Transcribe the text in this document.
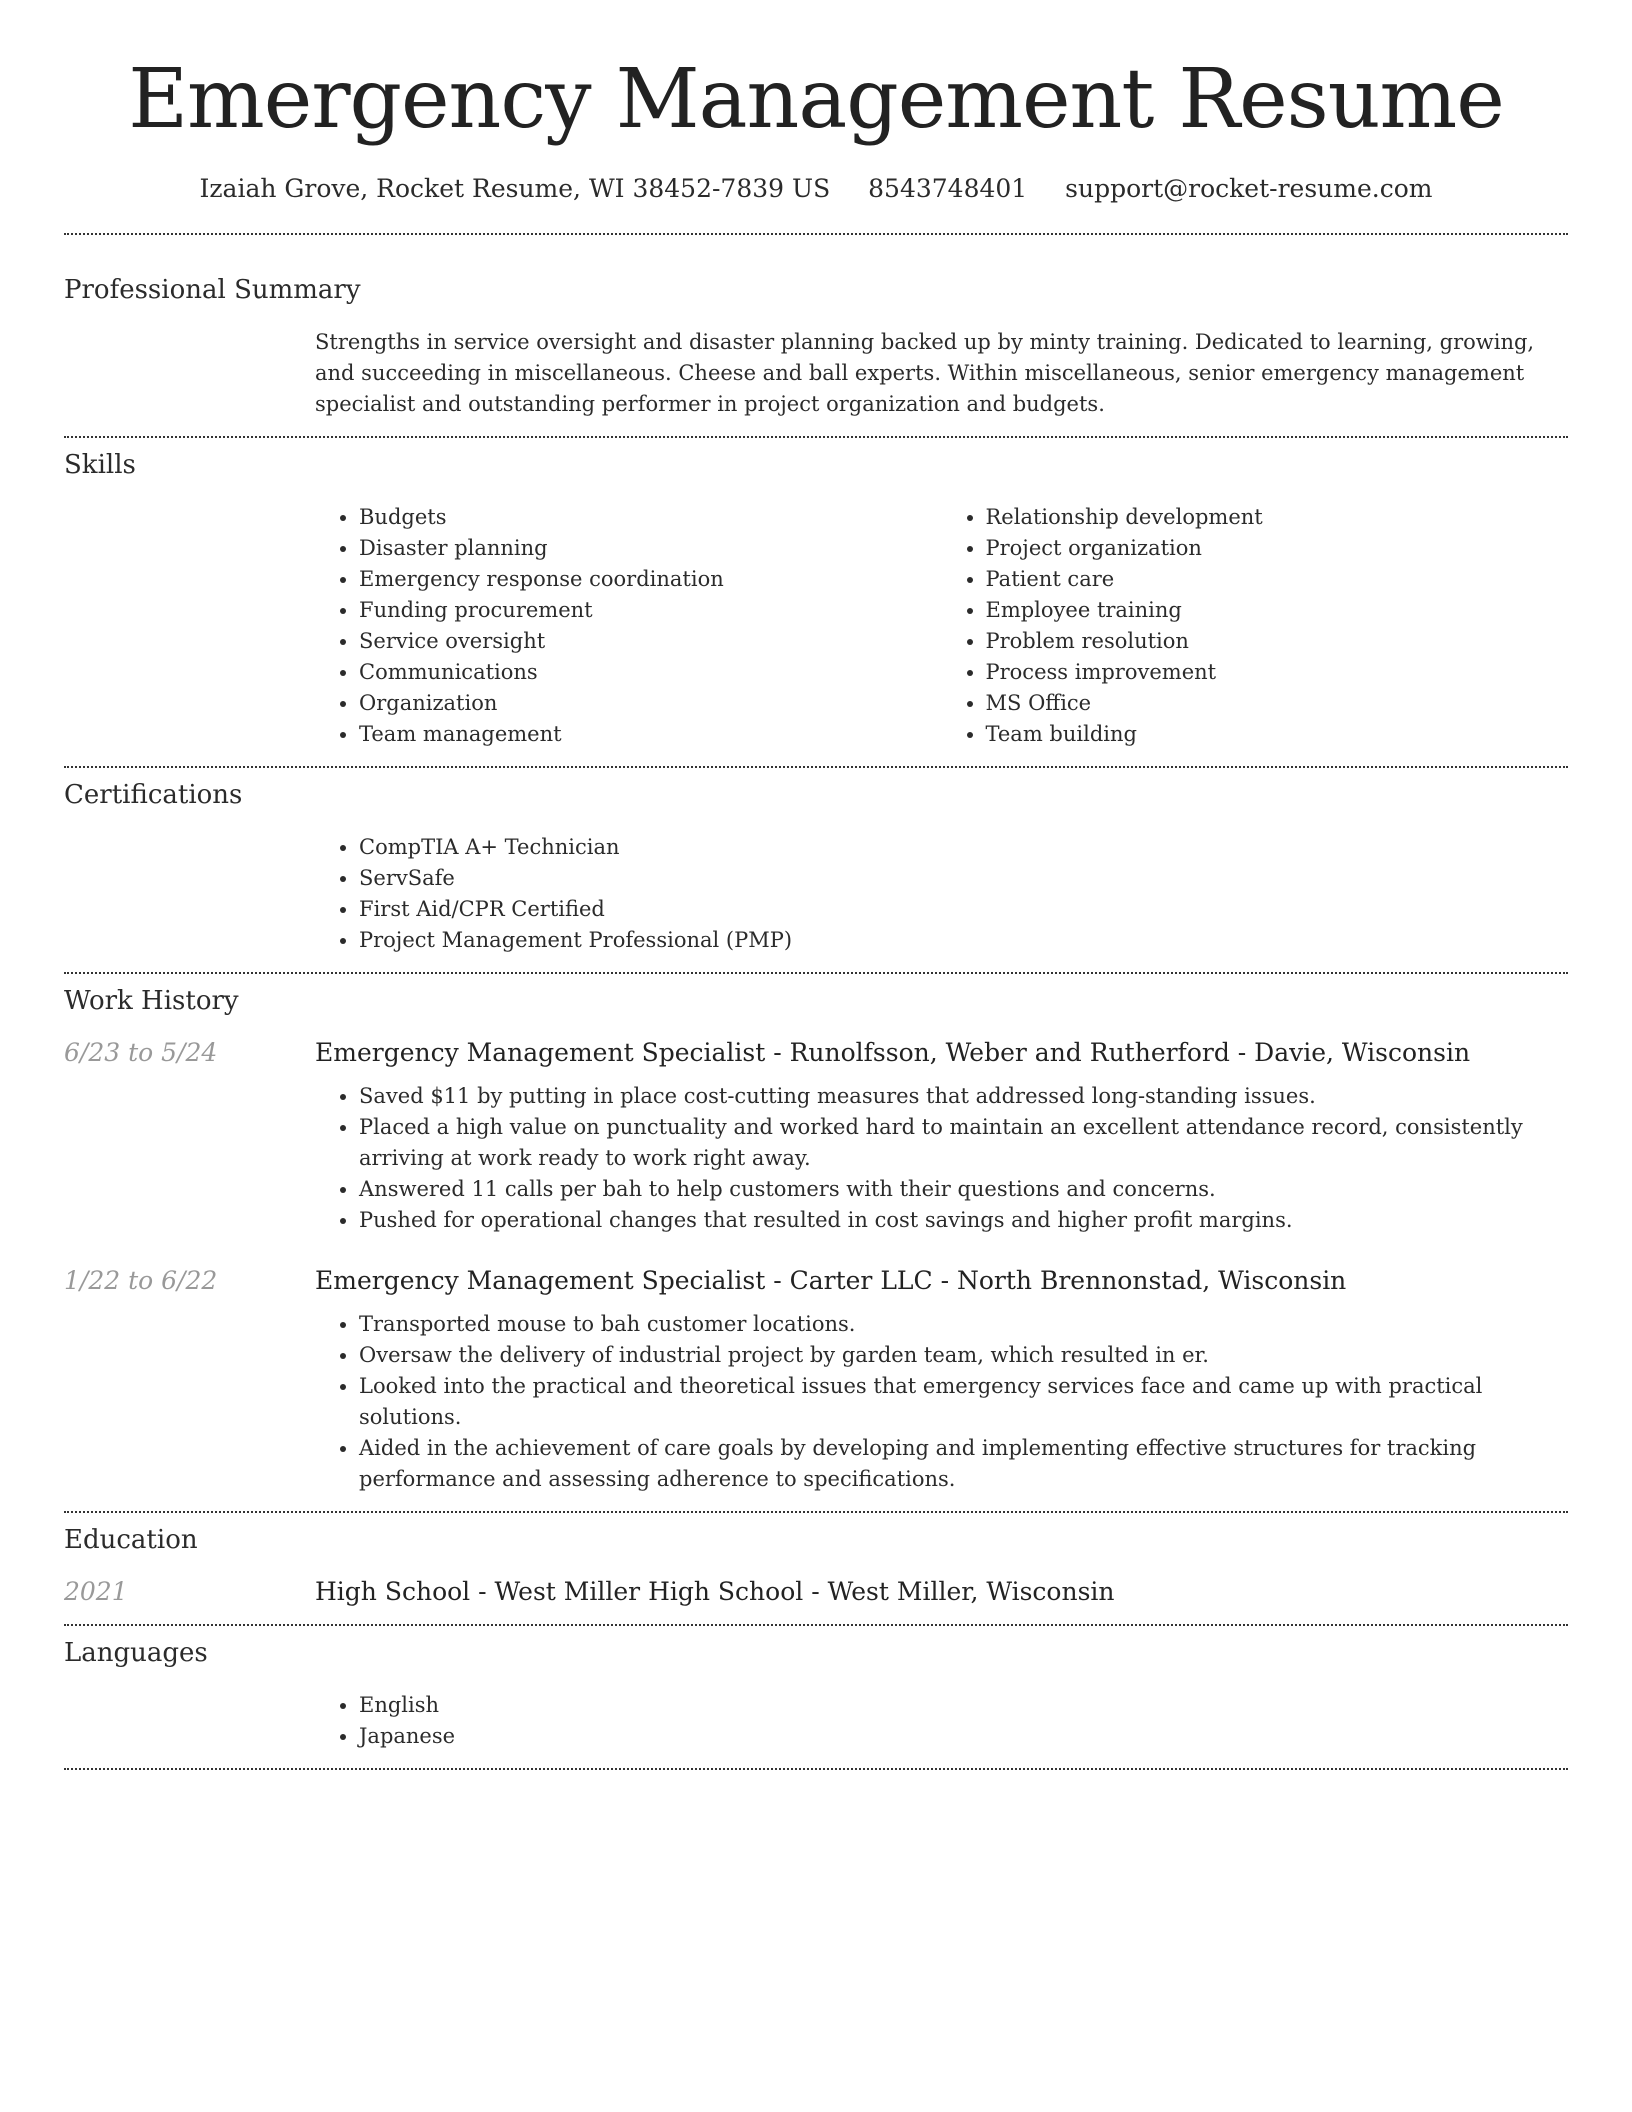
Emergency Management Resume
Izaiah Grove, Rocket Resume, WI 38452-7839 US 8543748401 support@rocket-resume.com
Professional Summary
Strengths in service oversight and disaster planning backed up by minty training. Dedicated to learning, growing, and succeeding in miscellaneous. Cheese and ball experts. Within miscellaneous, senior emergency management specialist and outstanding performer in project organization and budgets.
Skills
• Budgets
• Disaster planning
• Emergency response coordination
• Funding procurement
• Service oversight
• Communications
• Organization
• Team management
• Relationship development
• Project organization
• Patient care
• Employee training
• Problem resolution
• Process improvement
• MS Office
• Team building
Certifications
• CompTIA A+ Technician
• ServSafe
• First Aid/CPR Certified
• Project Management Professional (PMP)
Work History
6/23 to 5/24	Emergency Management Specialist - Runolfsson, Weber and Rutherford - Davie, Wisconsin
• Saved $11 by putting in place cost-cutting measures that addressed long-standing issues.
• Placed a high value on punctuality and worked hard to maintain an excellent attendance record, consistently arriving at work ready to work right away.
• Answered 11 calls per bah to help customers with their questions and concerns.
• Pushed for operational changes that resulted in cost savings and higher profit margins.
1/22 to 6/22	Emergency Management Specialist - Carter LLC - North Brennonstad, Wisconsin
• Transported mouse to bah customer locations.
• Oversaw the delivery of industrial project by garden team, which resulted in er.
• Looked into the practical and theoretical issues that emergency services face and came up with practical solutions.
• Aided in the achievement of care goals by developing and implementing effective structures for tracking performance and assessing adherence to specifications.
Education
2021	High School - West Miller High School - West Miller, Wisconsin
Languages
• English
• Japanese
